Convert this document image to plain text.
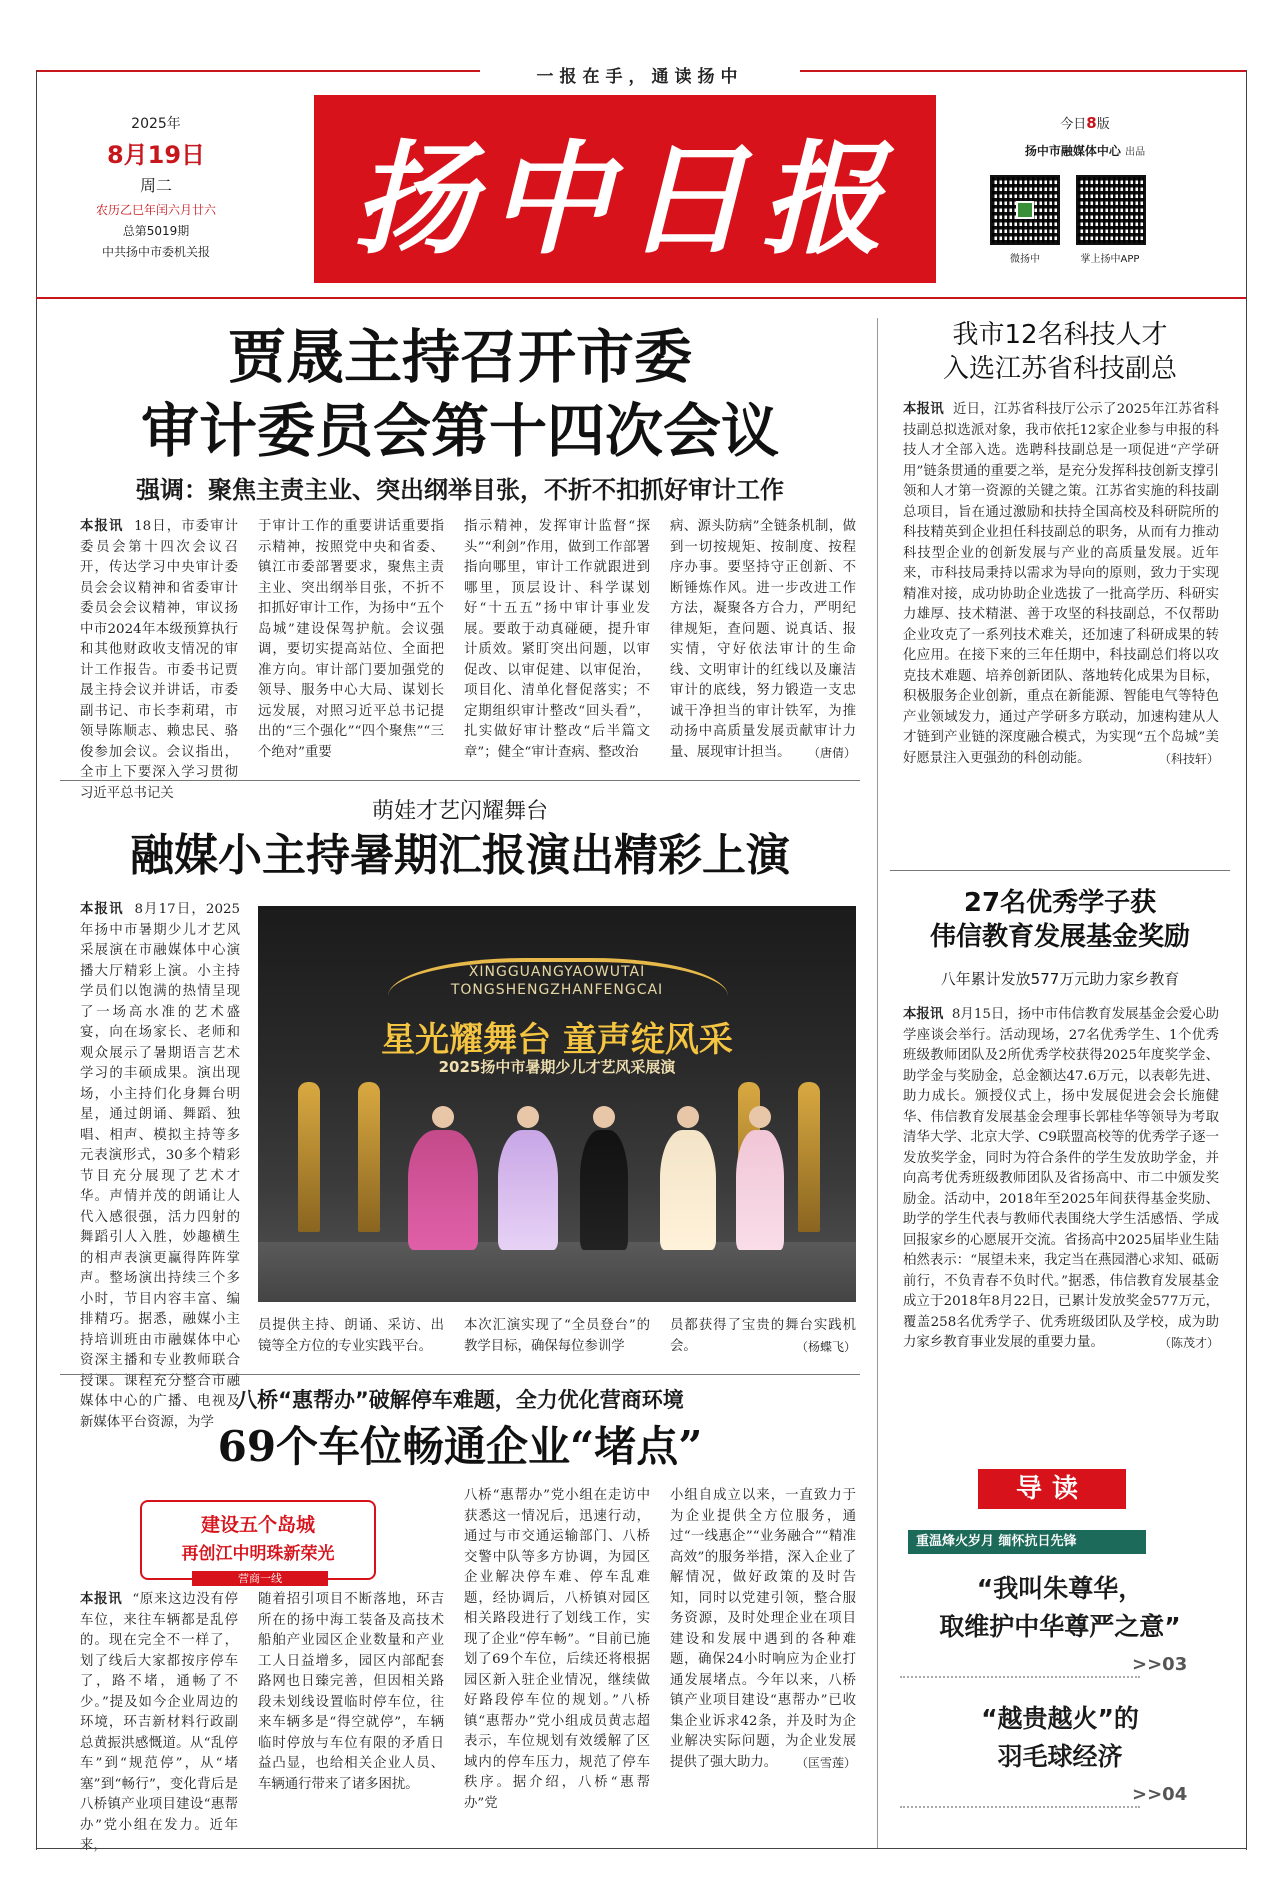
一报在手，通读扬中
2025年
8月19日
周二
农历乙巳年闰六月廿六
总第5019期
中共扬中市委机关报	扬中日报
今日8版
扬中市融媒体中心 出品
微扬中	掌上扬中APP
贾晟主持召开市委
审计委员会第十四次会议
强调：聚焦主责主业、突出纲举目张，不折不扣抓好审计工作
本报讯 18日，市委审计委员会第十四次会议召开，传达学习中央审计委员会会议精神和省委审计委员会会议精神，审议扬中市2024年本级预算执行和其他财政收支情况的审计工作报告。市委书记贾晟主持会议并讲话，市委副书记、市长李莉珺，市领导陈顺志、赖忠民、骆俊参加会议。会议指出，全市上下要深入学习贯彻习近平总书记关
于审计工作的重要讲话重要指示精神，按照党中央和省委、镇江市委部署要求，聚焦主责主业、突出纲举目张，不折不扣抓好审计工作，为扬中“五个岛城”建设保驾护航。会议强调，要切实提高站位、全面把准方向。审计部门要加强党的领导、服务中心大局、谋划长远发展，对照习近平总书记提出的“三个强化”“四个聚焦”“三个绝对”重要
指示精神，发挥审计监督“探头”“利剑”作用，做到工作部署指向哪里，审计工作就跟进到哪里，顶层设计、科学谋划好“十五五”扬中审计事业发展。要敢于动真碰硬，提升审计质效。紧盯突出问题，以审促改、以审促建、以审促治，项目化、清单化督促落实；不定期组织审计整改“回头看”，扎实做好审计整改“后半篇文章”；健全“审计查病、整改治
病、源头防病”全链条机制，做到一切按规矩、按制度、按程序办事。要坚持守正创新、不断锤炼作风。进一步改进工作方法，凝聚各方合力，严明纪律规矩，查问题、说真话、报实情，守好依法审计的生命线、文明审计的红线以及廉洁审计的底线，努力锻造一支忠诚干净担当的审计铁军，为推动扬中高质量发展贡献审计力量、展现审计担当。 （唐倩）
萌娃才艺闪耀舞台
融媒小主持暑期汇报演出精彩上演
本报讯 8月17日，2025年扬中市暑期少儿才艺风采展演在市融媒体中心演播大厅精彩上演。小主持学员们以饱满的热情呈现了一场高水准的艺术盛宴，向在场家长、老师和观众展示了暑期语言艺术学习的丰硕成果。演出现场，小主持们化身舞台明星，通过朗诵、舞蹈、独唱、相声、模拟主持等多元表演形式，30多个精彩节目充分展现了艺术才华。声情并茂的朗诵让人代入感很强，活力四射的舞蹈引人入胜，妙趣横生的相声表演更赢得阵阵掌声。整场演出持续三个多小时，节目内容丰富、编排精巧。据悉，融媒小主持培训班由市融媒体中心资深主播和专业教师联合授课。课程充分整合市融媒体中心的广播、电视及新媒体平台资源，为学
XINGGUANGYAOWUTAI
TONGSHENGZHANFENGCAI
星光耀舞台 童声绽风采
2025扬中市暑期少儿才艺风采展演
员提供主持、朗诵、采访、出镜等全方位的专业实践平台。
本次汇演实现了“全员登台”的教学目标，确保每位参训学
员都获得了宝贵的舞台实践机会。	（杨蝶飞）
八桥“惠帮办”破解停车难题，全力优化营商环境
69个车位畅通企业“堵点”
建设五个岛城
再创江中明珠新荣光
营商一线
本报讯 “原来这边没有停车位，来往车辆都是乱停的。现在完全不一样了，划了线后大家都按序停车了，路不堵，通畅了不少。”提及如今企业周边的环境，环吉新材料行政副总黄振洪感慨道。从“乱停车”到“规范停”，从“堵塞”到“畅行”，变化背后是八桥镇产业项目建设“惠帮办”党小组在发力。近年来，
随着招引项目不断落地，环吉所在的扬中海工装备及高技术船舶产业园区企业数量和产业工人日益增多，园区内部配套路网也日臻完善，但因相关路段未划线设置临时停车位，往来车辆多是“得空就停”，车辆临时停放与车位有限的矛盾日益凸显，也给相关企业人员、车辆通行带来了诸多困扰。
八桥“惠帮办”党小组在走访中获悉这一情况后，迅速行动，通过与市交通运输部门、八桥交警中队等多方协调，为园区企业解决停车难、停车乱难题，经协调后，八桥镇对园区相关路段进行了划线工作，实现了企业“停车畅”。“目前已施划了69个车位，后续还将根据园区新入驻企业情况，继续做好路段停车位的规划。”八桥镇“惠帮办”党小组成员黄志超表示，车位规划有效缓解了区域内的停车压力，规范了停车秩序。据介绍，八桥“惠帮办”党
小组自成立以来，一直致力于为企业提供全方位服务，通过“一线惠企”“业务融合”“精准高效”的服务举措，深入企业了解情况，做好政策的及时告知，同时以党建引领，整合服务资源，及时处理企业在项目建设和发展中遇到的各种难题，确保24小时响应为企业打通发展堵点。今年以来，八桥镇产业项目建设“惠帮办”已收集企业诉求42条，并及时为企业解决实际问题，为企业发展提供了强大助力。 （匡雪莲）
我市12名科技人才
入选江苏省科技副总
本报讯 近日，江苏省科技厅公示了2025年江苏省科技副总拟选派对象，我市依托12家企业参与申报的科技人才全部入选。选聘科技副总是一项促进“产学研用”链条贯通的重要之举，是充分发挥科技创新支撑引领和人才第一资源的关键之策。江苏省实施的科技副总项目，旨在通过激励和扶持全国高校及科研院所的科技精英到企业担任科技副总的职务，从而有力推动科技型企业的创新发展与产业的高质量发展。近年来，市科技局秉持以需求为导向的原则，致力于实现精准对接，成功协助企业选拔了一批高学历、科研实力雄厚、技术精湛、善于攻坚的科技副总，不仅帮助企业攻克了一系列技术难关，还加速了科研成果的转化应用。在接下来的三年任期中，科技副总们将以攻克技术难题、培养创新团队、落地转化成果为目标，积极服务企业创新，重点在新能源、智能电气等特色产业领域发力，通过产学研多方联动，加速构建从人才链到产业链的深度融合模式，为实现“五个岛城”美好愿景注入更强劲的科创动能。	（科技轩）
27名优秀学子获
伟信教育发展基金奖励
八年累计发放577万元助力家乡教育
本报讯 8月15日，扬中市伟信教育发展基金会爱心助学座谈会举行。活动现场，27名优秀学生、1个优秀班级教师团队及2所优秀学校获得2025年度奖学金、助学金与奖励金，总金额达47.6万元，以表彰先进、助力成长。颁授仪式上，扬中发展促进会会长施健华、伟信教育发展基金会理事长郭桂华等领导为考取清华大学、北京大学、C9联盟高校等的优秀学子逐一发放奖学金，同时为符合条件的学生发放助学金，并向高考优秀班级教师团队及省扬高中、市二中颁发奖励金。活动中，2018年至2025年间获得基金奖励、助学的学生代表与教师代表围绕大学生活感悟、学成回报家乡的心愿展开交流。省扬高中2025届毕业生陆柏然表示：“展望未来，我定当在燕园潜心求知、砥砺前行，不负青春不负时代。”据悉，伟信教育发展基金成立于2018年8月22日，已累计发放奖金577万元，覆盖258名优秀学子、优秀班级团队及学校，成为助力家乡教育事业发展的重要力量。	（陈茂才）
导读
重温烽火岁月 缅怀抗日先锋
“我叫朱尊华，
取维护中华尊严之意”
>>03
“越贵越火”的
羽毛球经济
>>04
